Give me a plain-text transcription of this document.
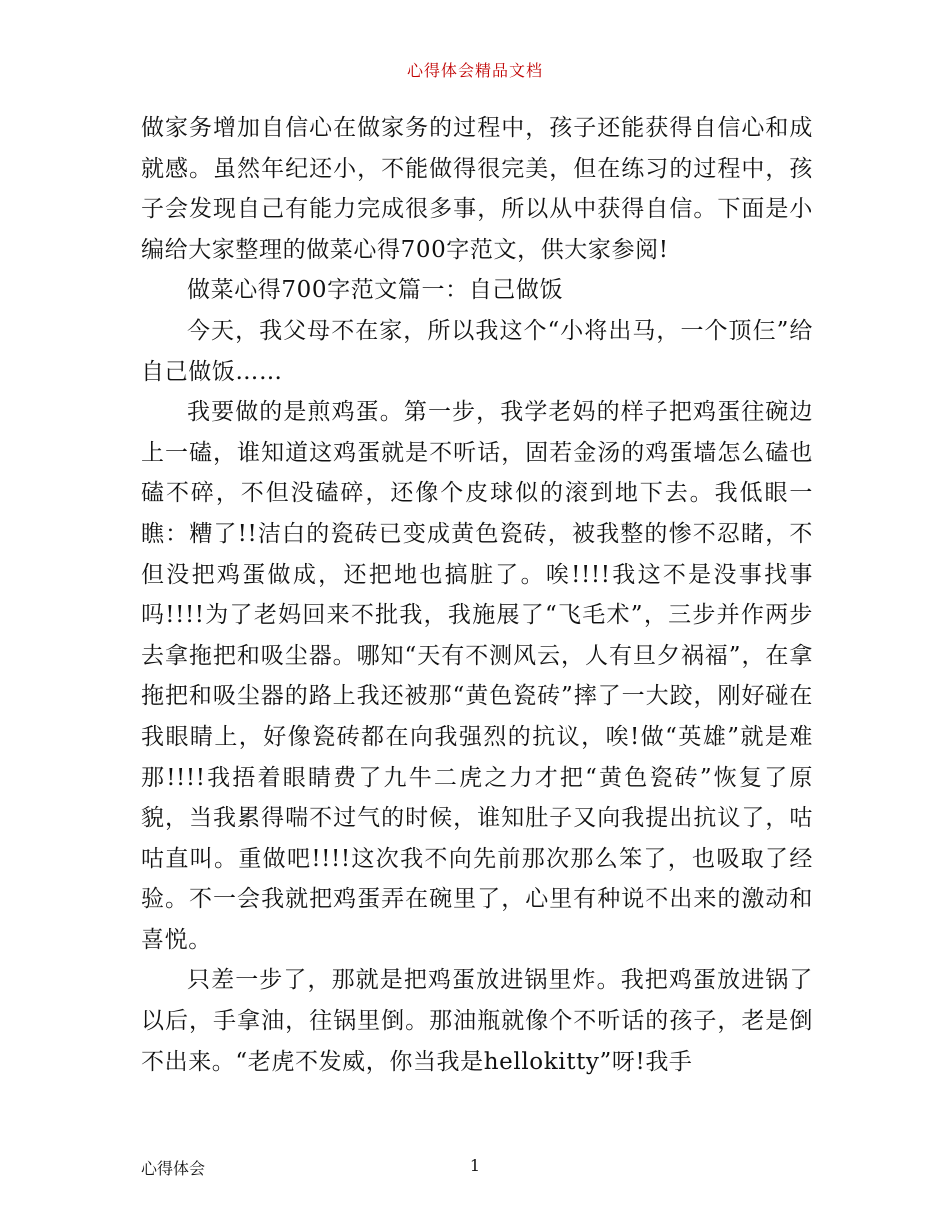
心得体会精品文档

做家务增加自信心在做家务的过程中，孩子还能获得自信心和成就感。虽然年纪还小，不能做得很完美，但在练习的过程中，孩子会发现自己有能力完成很多事，所以从中获得自信。下面是小编给大家整理的做菜心得700字范文，供大家参阅!

做菜心得700字范文篇一：自己做饭

今天，我父母不在家，所以我这个“小将出马，一个顶仨”给自己做饭……

我要做的是煎鸡蛋。第一步，我学老妈的样子把鸡蛋往碗边上一磕，谁知道这鸡蛋就是不听话，固若金汤的鸡蛋墙怎么磕也磕不碎，不但没磕碎，还像个皮球似的滚到地下去。我低眼一瞧：糟了!!洁白的瓷砖已变成黄色瓷砖，被我整的惨不忍睹，不但没把鸡蛋做成，还把地也搞脏了。唉!!!!我这不是没事找事吗!!!!为了老妈回来不批我，我施展了“飞毛术”，三步并作两步去拿拖把和吸尘器。哪知“天有不测风云，人有旦夕祸福”，在拿拖把和吸尘器的路上我还被那“黄色瓷砖”摔了一大跤，刚好碰在我眼睛上，好像瓷砖都在向我强烈的抗议，唉!做“英雄”就是难那!!!!我捂着眼睛费了九牛二虎之力才把“黄色瓷砖”恢复了原貌，当我累得喘不过气的时候，谁知肚子又向我提出抗议了，咕咕直叫。重做吧!!!!这次我不向先前那次那么笨了，也吸取了经验。不一会我就把鸡蛋弄在碗里了，心里有种说不出来的激动和喜悦。

只差一步了，那就是把鸡蛋放进锅里炸。我把鸡蛋放进锅了以后，手拿油，往锅里倒。那油瓶就像个不听话的孩子，老是倒不出来。“老虎不发威，你当我是hellokitty”呀!我手

心得体会	1
